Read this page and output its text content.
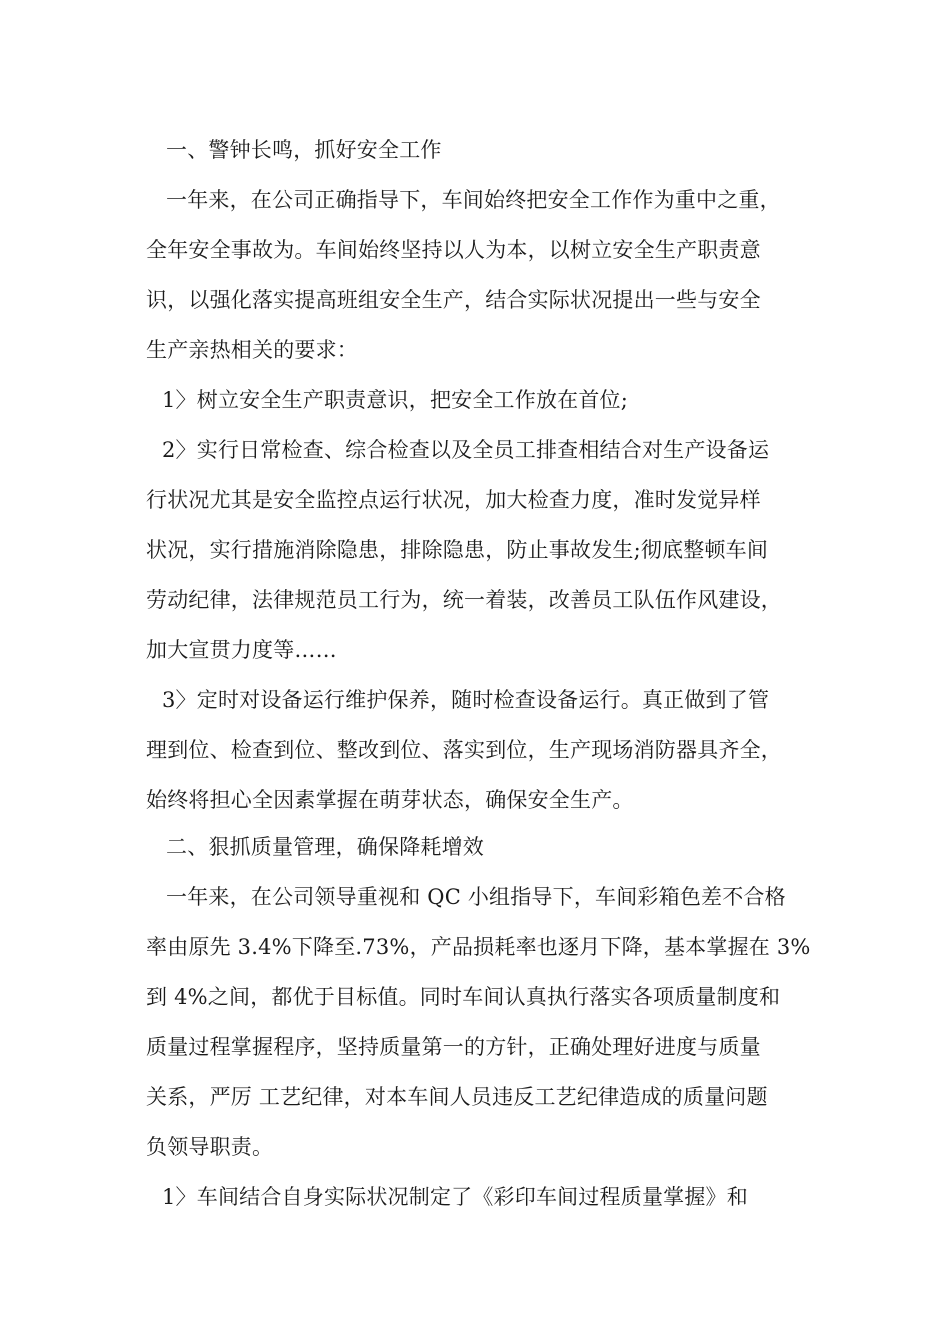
一、警钟长鸣，抓好安全工作
一年来，在公司正确指导下，车间始终把安全工作作为重中之重，
全年安全事故为。车间始终坚持以人为本，以树立安全生产职责意
识，以强化落实提高班组安全生产，结合实际状况提出一些与安全
生产亲热相关的要求：
1〉树立安全生产职责意识，把安全工作放在首位;
2〉实行日常检查、综合检查以及全员工排查相结合对生产设备运
行状况尤其是安全监控点运行状况，加大检查力度，准时发觉异样
状况，实行措施消除隐患，排除隐患，防止事故发生;彻底整顿车间
劳动纪律，法律规范员工行为，统一着装，改善员工队伍作风建设，
加大宣贯力度等……
3〉定时对设备运行维护保养，随时检查设备运行。真正做到了管
理到位、检查到位、整改到位、落实到位，生产现场消防器具齐全，
始终将担心全因素掌握在萌芽状态，确保安全生产。
二、狠抓质量管理，确保降耗增效
一年来，在公司领导重视和 QC 小组指导下，车间彩箱色差不合格
率由原先 3.4%下降至.73%，产品损耗率也逐月下降，基本掌握在 3%
到 4%之间，都优于目标值。同时车间认真执行落实各项质量制度和
质量过程掌握程序，坚持质量第一的方针，正确处理好进度与质量
关系，严厉 工艺纪律，对本车间人员违反工艺纪律造成的质量问题
负领导职责。
1〉车间结合自身实际状况制定了《彩印车间过程质量掌握》和
